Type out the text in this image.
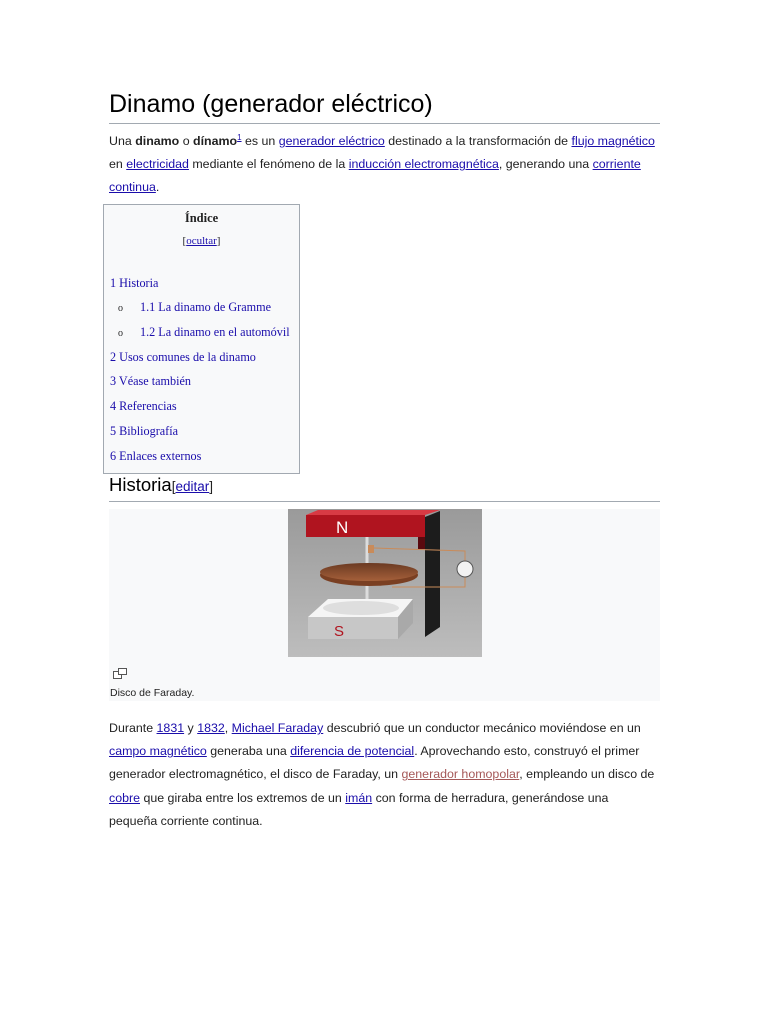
Dinamo (generador eléctrico)
Una dinamo o dínamo$^1$ es un generador eléctrico destinado a la transformación de flujo magnético en electricidad mediante el fenómeno de la inducción electromagnética, generando una corriente continua.
Índice
[ocultar]
1 Historia
o 1.1 La dinamo de Gramme
o 1.2 La dinamo en el automóvil
2 Usos comunes de la dinamo
3 Véase también
4 Referencias
5 Bibliografía
6 Enlaces externos
Historia[editar]
N
S
Disco de Faraday.
Durante 1831 y 1832, Michael Faraday descubrió que un conductor mecánico moviéndose en un campo magnético generaba una diferencia de potencial. Aprovechando esto, construyó el primer generador electromagnético, el disco de Faraday, un generador homopolar, empleando un disco de cobre que giraba entre los extremos de un imán con forma de herradura, generándose una pequeña corriente continua.
